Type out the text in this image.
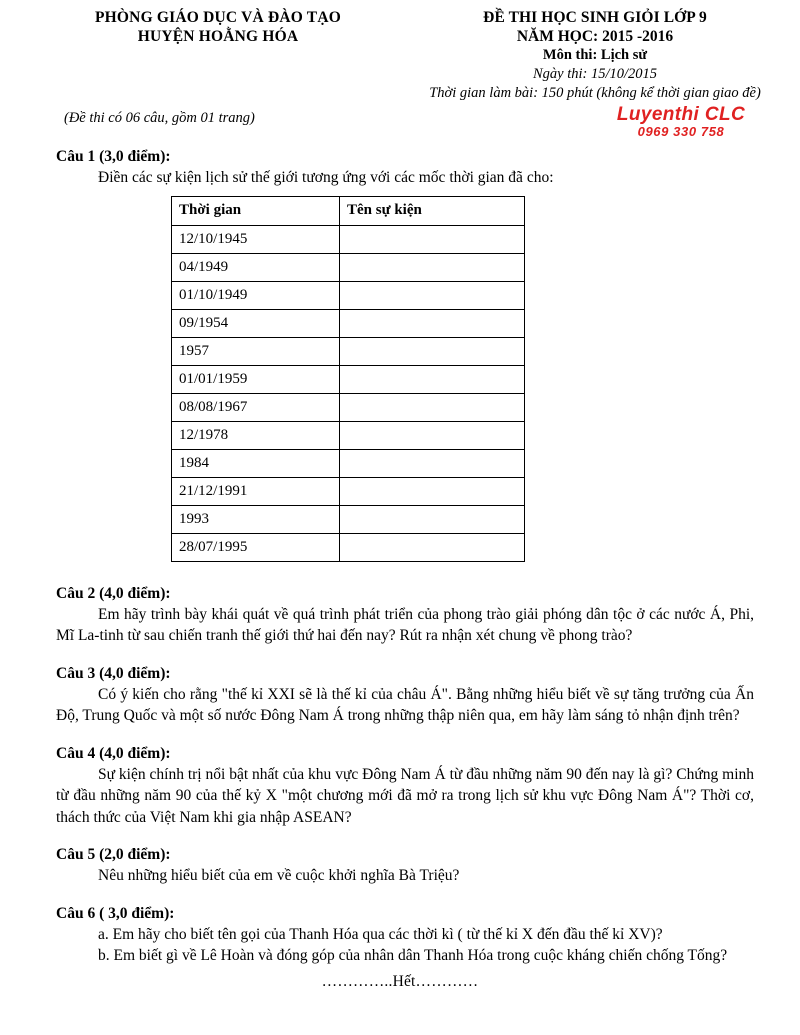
PHÒNG GIÁO DỤC VÀ ĐÀO TẠO
HUYỆN HOẰNG HÓA
ĐỀ THI HỌC SINH GIỎI LỚP 9
NĂM HỌC: 2015 -2016
Môn thi: Lịch sử
Ngày thi: 15/10/2015
Thời gian làm bài: 150 phút (không kể thời gian giao đề)
(Đề thi có 06 câu, gồm 01 trang)	Luyenthi CLC
0969 330 758

Câu 1 (3,0 điểm):

Điền các sự kiện lịch sử thế giới tương ứng với các mốc thời gian đã cho:

Thời gian	Tên sự kiện
12/10/1945	
04/1949	
01/10/1949	
09/1954	
1957	
01/01/1959	
08/08/1967	
12/1978	
1984	
21/12/1991	
1993	
28/07/1995	

Câu 2 (4,0 điểm):

Em hãy trình bày khái quát về quá trình phát triển của phong trào giải phóng dân tộc ở các nước Á, Phi, Mĩ La-tinh từ sau chiến tranh thế giới thứ hai đến nay? Rút ra nhận xét chung về phong trào?

Câu 3 (4,0 điểm):

Có ý kiến cho rằng "thế kỉ XXI sẽ là thế kỉ của châu Á". Bằng những hiểu biết về sự tăng trưởng của Ấn Độ, Trung Quốc và một số nước Đông Nam Á trong những thập niên qua, em hãy làm sáng tỏ nhận định trên?

Câu 4 (4,0 điểm):

Sự kiện chính trị nổi bật nhất của khu vực Đông Nam Á từ đầu những năm 90 đến nay là gì? Chứng minh từ đầu những năm 90 của thế kỷ X "một chương mới đã mở ra trong lịch sử khu vực Đông Nam Á"? Thời cơ, thách thức của Việt Nam khi gia nhập ASEAN?

Câu 5 (2,0 điểm):

Nêu những hiểu biết của em về cuộc khởi nghĩa Bà Triệu?

Câu 6 ( 3,0 điểm):

a. Em hãy cho biết tên gọi của Thanh Hóa qua các thời kì ( từ thế kỉ X đến đầu thế kỉ XV)?

b. Em biết gì về Lê Hoàn và đóng góp của nhân dân Thanh Hóa trong cuộc kháng chiến chống Tống?

…………..Hết…………
